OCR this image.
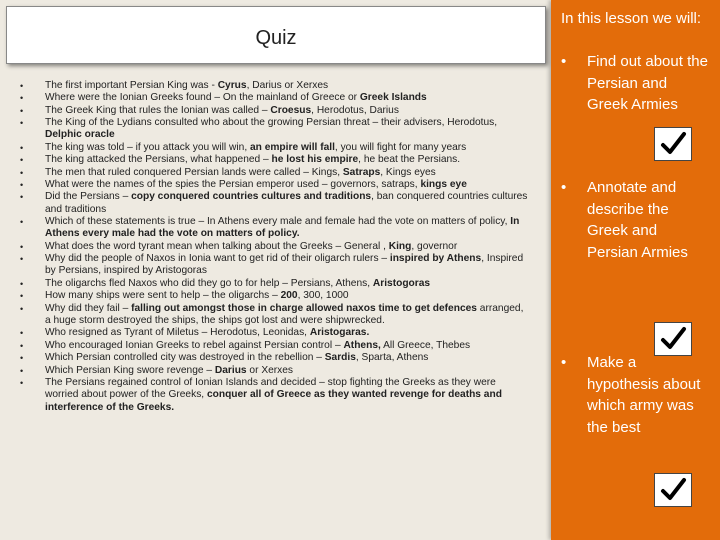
Quiz
• The first important Persian King was - Cyrus, Darius or Xerxes
• Where were the Ionian Greeks found – On the mainland of Greece or Greek Islands
• The Greek King that rules the Ionian was called – Croesus, Herodotus, Darius
• The King of the Lydians consulted who about the growing Persian threat – their advisers, Herodotus, Delphic oracle
• The king was told – if you attack you will win, an empire will fall, you will fight for many years
• The king attacked the Persians, what happened – he lost his empire, he beat the Persians.
• The men that ruled conquered Persian lands were called – Kings, Satraps, Kings eyes
• What were the names of the spies the Persian emperor used – governors, satraps, kings eye
• Did the Persians – copy conquered countries cultures and traditions, ban conquered countries cultures and traditions
• Which of these statements is true – In Athens every male and female had the vote on matters of policy, In Athens every male had the vote on matters of policy.
• What does the word tyrant mean when talking about the Greeks – General , King, governor
• Why did the people of Naxos in Ionia want to get rid of their oligarch rulers – inspired by Athens, Inspired by Persians, inspired by Aristogoras
• The oligarchs fled Naxos who did they go to for help – Persians, Athens, Aristogoras
• How many ships were sent to help – the oligarchs – 200, 300, 1000
• Why did they fail – falling out amongst those in charge allowed naxos time to get defences arranged, a huge storm destroyed the ships, the ships got lost and were shipwrecked.
• Who resigned as Tyrant of Miletus – Herodotus, Leonidas, Aristogaras.
• Who encouraged Ionian Greeks to rebel against Persian control – Athens, All Greece, Thebes
• Which Persian controlled city was destroyed in the rebellion – Sardis, Sparta, Athens
• Which Persian King swore revenge – Darius or Xerxes
• The Persians regained control of Ionian Islands and decided – stop fighting the Greeks as they were worried about power of the Greeks, conquer all of Greece as they wanted revenge for deaths and interference of the Greeks.
In this lesson we will:
• Find out about the Persian and Greek Armies
• Annotate and describe the Greek and Persian Armies
• Make a hypothesis about which army was the best
